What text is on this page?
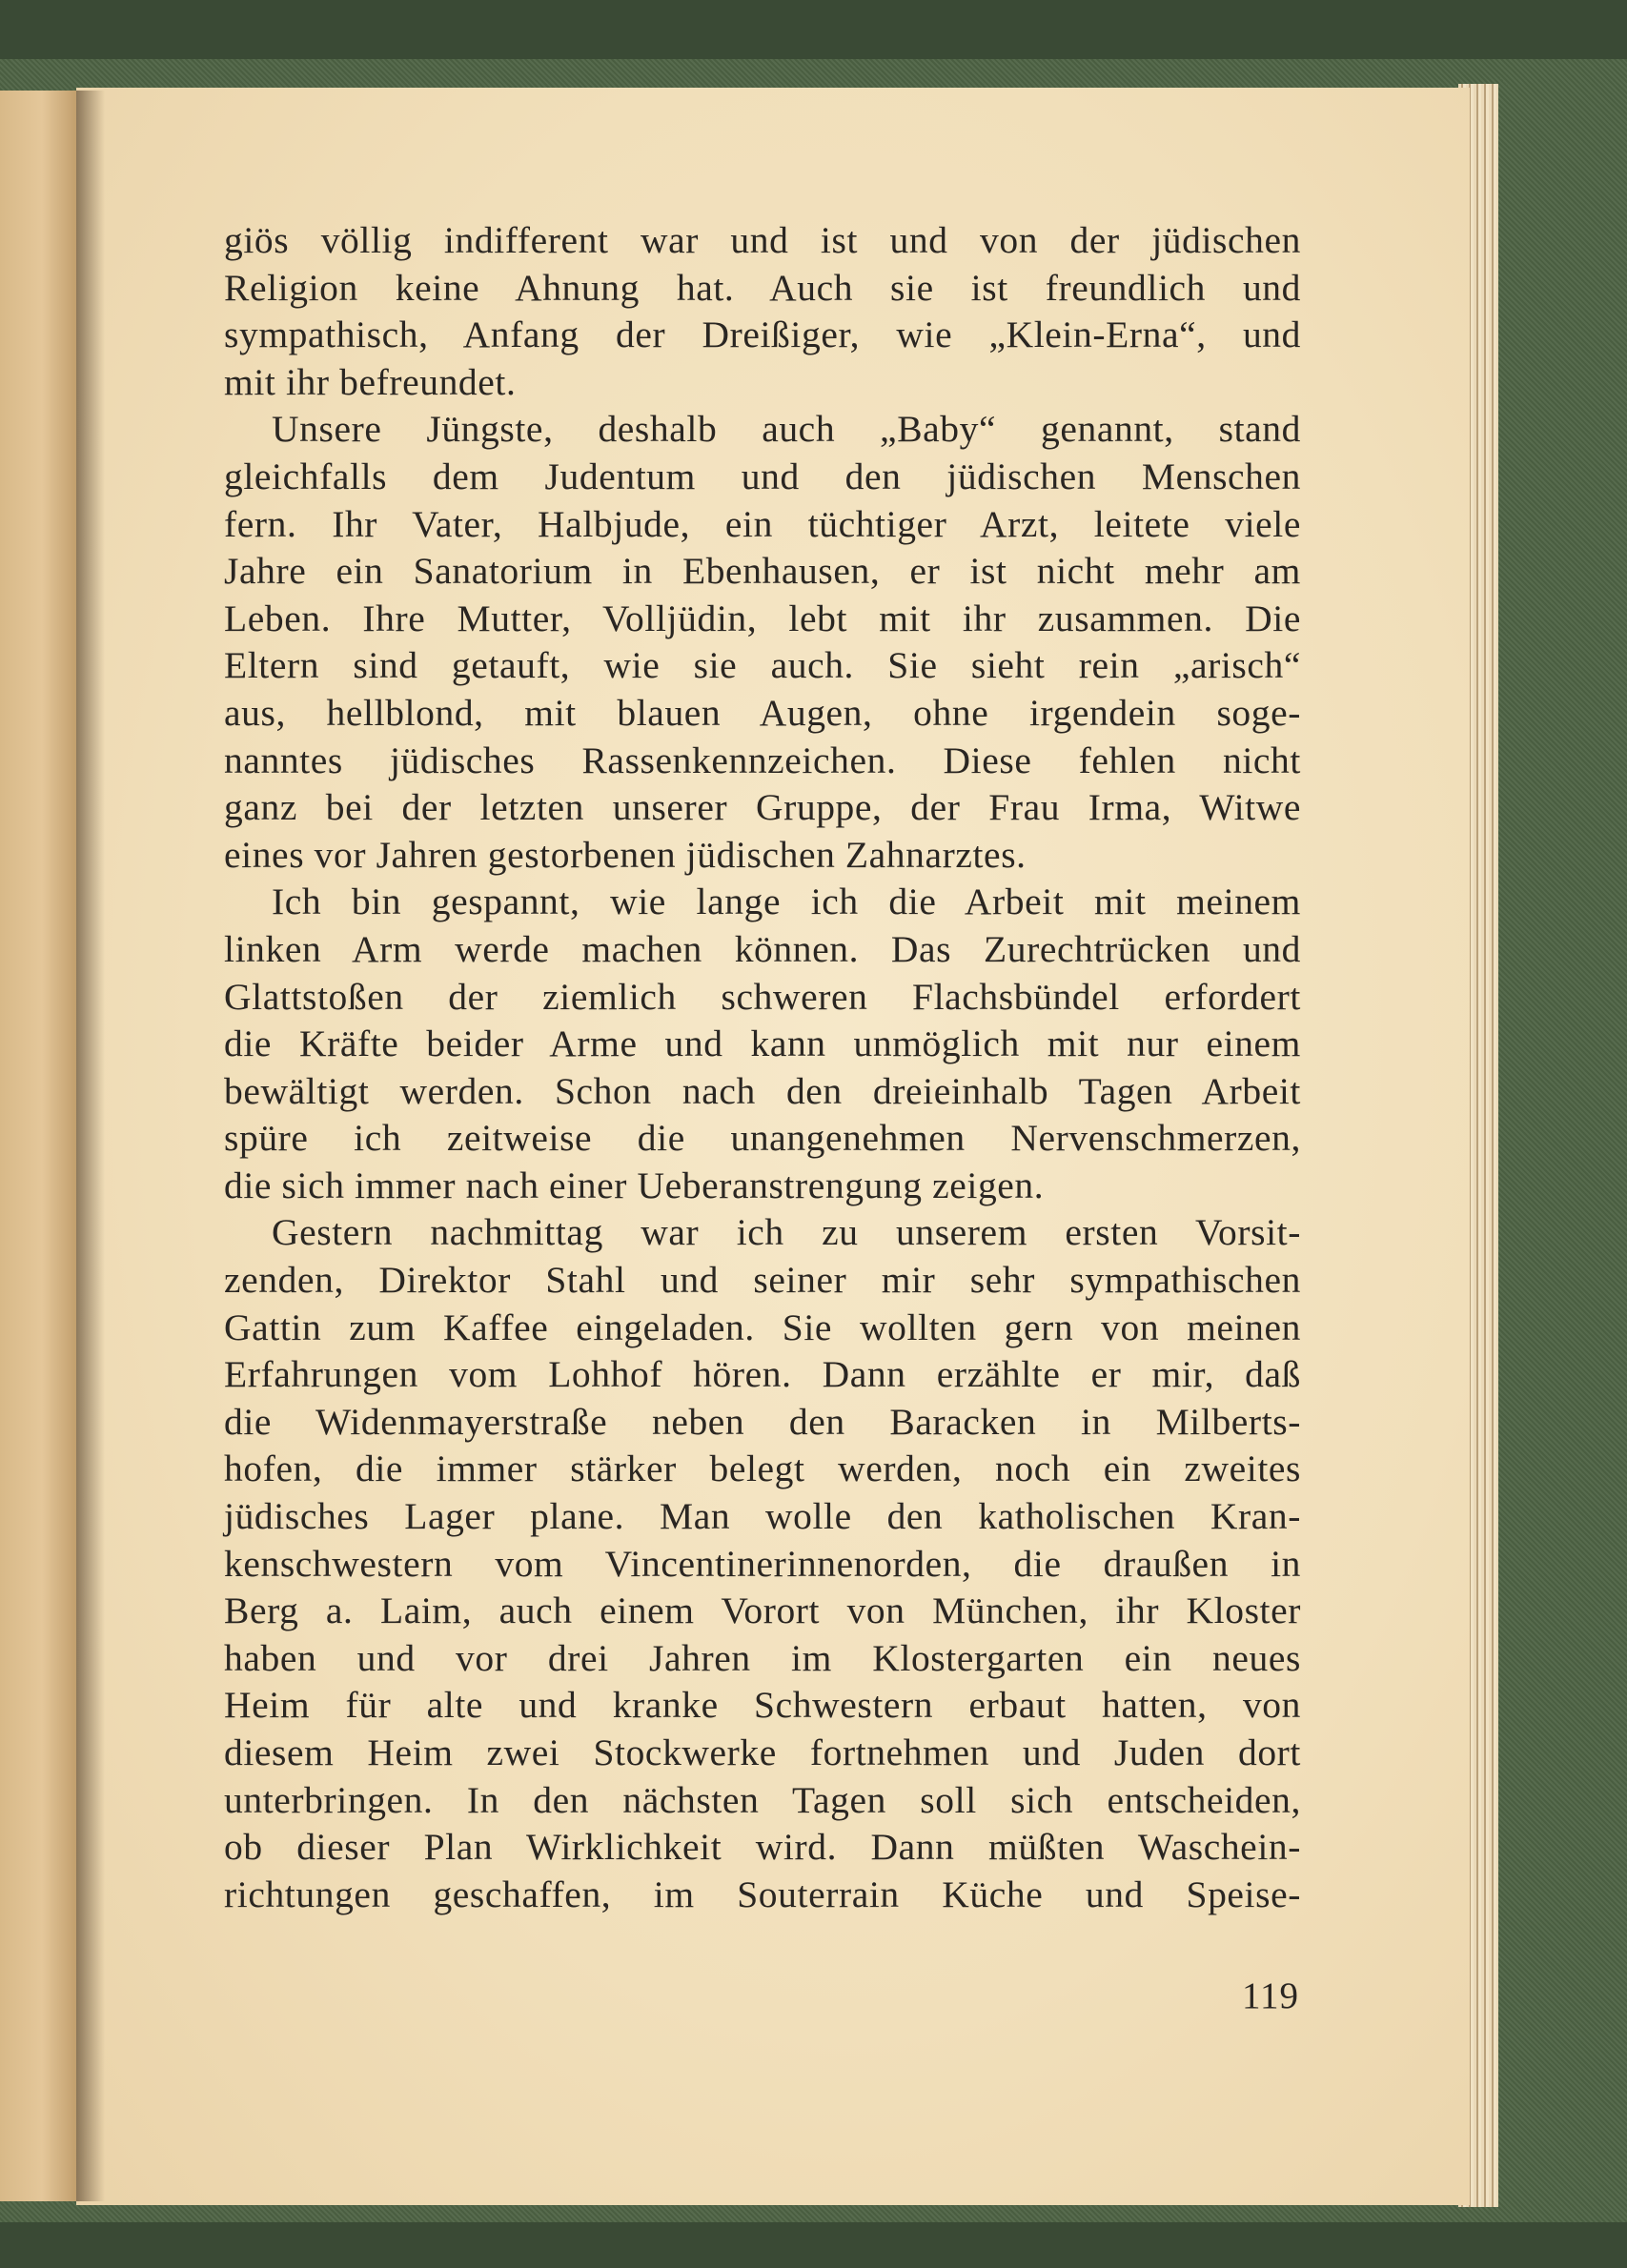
giös völlig indifferent war und ist und von der jüdischen
Religion keine Ahnung hat. Auch sie ist freundlich und
sympathisch, Anfang der Dreißiger, wie „Klein-Erna“, und
mit ihr befreundet.
Unsere Jüngste, deshalb auch „Baby“ genannt, stand
gleichfalls dem Judentum und den jüdischen Menschen
fern. Ihr Vater, Halbjude, ein tüchtiger Arzt, leitete viele
Jahre ein Sanatorium in Ebenhausen, er ist nicht mehr am
Leben. Ihre Mutter, Volljüdin, lebt mit ihr zusammen. Die
Eltern sind getauft, wie sie auch. Sie sieht rein „arisch“
aus, hellblond, mit blauen Augen, ohne irgendein soge-
nanntes jüdisches Rassenkennzeichen. Diese fehlen nicht
ganz bei der letzten unserer Gruppe, der Frau Irma, Witwe
eines vor Jahren gestorbenen jüdischen Zahnarztes.
Ich bin gespannt, wie lange ich die Arbeit mit meinem
linken Arm werde machen können. Das Zurechtrücken und
Glattstoßen der ziemlich schweren Flachsbündel erfordert
die Kräfte beider Arme und kann unmöglich mit nur einem
bewältigt werden. Schon nach den dreieinhalb Tagen Arbeit
spüre ich zeitweise die unangenehmen Nervenschmerzen,
die sich immer nach einer Ueberanstrengung zeigen.
Gestern nachmittag war ich zu unserem ersten Vorsit-
zenden, Direktor Stahl und seiner mir sehr sympathischen
Gattin zum Kaffee eingeladen. Sie wollten gern von meinen
Erfahrungen vom Lohhof hören. Dann erzählte er mir, daß
die Widenmayerstraße neben den Baracken in Milberts-
hofen, die immer stärker belegt werden, noch ein zweites
jüdisches Lager plane. Man wolle den katholischen Kran-
kenschwestern vom Vincentinerinnenorden, die draußen in
Berg a. Laim, auch einem Vorort von München, ihr Kloster
haben und vor drei Jahren im Klostergarten ein neues
Heim für alte und kranke Schwestern erbaut hatten, von
diesem Heim zwei Stockwerke fortnehmen und Juden dort
unterbringen. In den nächsten Tagen soll sich entscheiden,
ob dieser Plan Wirklichkeit wird. Dann müßten Waschein-
richtungen geschaffen, im Souterrain Küche und Speise-
119
